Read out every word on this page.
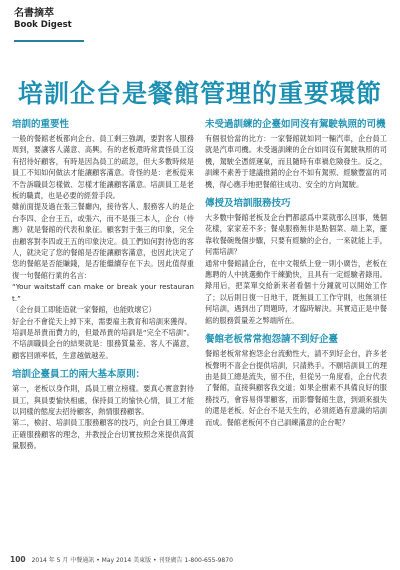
名書摘萃
Book Digest
培訓企台是餐館管理的重要環節
培訓的重要性

一般的餐館老板都向企台、員工剩三強調，要對客人服務周到，要讓客人滿意、高興。有的老板還時常責怪員工沒有招待好顧客，有時是因為員工的疏忽，但大多數時候是員工不知如何做法才能讓顧客滿意。奇怪的是：老板從來不告訴職員怎樣做、怎樣才能讓顧客滿意。培訓員工是老板的職責，也是必要的經營手段。

雖前面提及過在張三餐廳內，接待客人、服務客人的是企台李四、企台王五，或張六，而不是張三本人，企台（侍應）就是餐館的代表和象征。顧客對于張三的印象，完全由顧客對李四或王五的印象決定。員工們如何對待您的客人，就決定了您的餐館是否能讓顧客滿意，也因此決定了您的餐館是否能賺錢，是否能繼續存在下去。因此值得重復一句餐館行業的名言：

“Your waitstaff can make or break your restaurant.”

（企台員工即能造就一家餐館，也能敗壞它）

好企台不會從天上掉下來，需要雇主教育和培訓來獲得。

培訓是昂貴而費力的，但最昂貴的培訓是“完全不培訓”。不培訓職員企台的結果就是：服務質量差、客人不滿意，顧客回頭率低，生意越做越差。

培訓企臺員工的兩大基本原則：

第一，老板以身作則，爲員工樹立榜樣。要真心實意對待員工，與員要愉快相處，保持員工的愉快心情，員工才能以同樣的態度去招待顧客，熱情服務顧客。

第二，檢討、培訓員工服務顧客的技巧，向企台員工傳達正確服務顧客的理念，并教授企台切實按照念來提供高質量服務。

未受過訓練的企臺如同沒有駕駛執照的司機

有個很恰當的比方：一家餐館就如同一輛汽車，企台員工就是汽車司機。未受過訓練的企台如同沒有駕駛執照的司機，駕駛全憑經運氣，而且隨時有車禍危險發生。反之，訓練不素善于建議推銷的企台不如有駕照、經驗豐富的司機，得心應手地把餐館往成功、安全的方向駕駛。

傳授及培訓服務技巧

大多數中餐館老板及企台們都認爲中菜就那么回事，幾個花樣，家家差不多；餐桌服務無非是點個菜、端上菜，擺靠收餐碗幾個步驟，只要有經驗的企台，一來就能上手，何需培訓？

通常中餐館請企台，在中文報紙上登一則小廣告，老板在應聘的人中挑選動作干練勤快，且具有一定經驗者錄用。錄用后，把菜單交給新來者看個十分鐘就可以開始工作了；以后則日復一日地干，既無員工工作守則，也無須任何培訓，遇到出了問題時，才臨時解決。其實這正是中餐館的服務質量差之弊端所在。

餐館老板常常抱怨請不到好企臺

餐館老板常常抱怨企台流動性大，請不到好企台，許多老板聲明不喜企台提供培訓，只請熟手。不願培訓員工的理由是員工總是流失，留不住，但從另一角度看，企台代表了餐館，直接與顧客我交道；如果企樹素不具備良好的服務技巧，會容易得罪顧客，而影響餐館生意，到頭來損失的還是老板。好企台不是天生的，必須經過有意識的培訓而成。餐館老板何不自己訓練滿意的企台呢？

100 2014 年 5 月 中餐通訊 • May 2014 美東版 • 刊登廣告 1-800-655-9870
